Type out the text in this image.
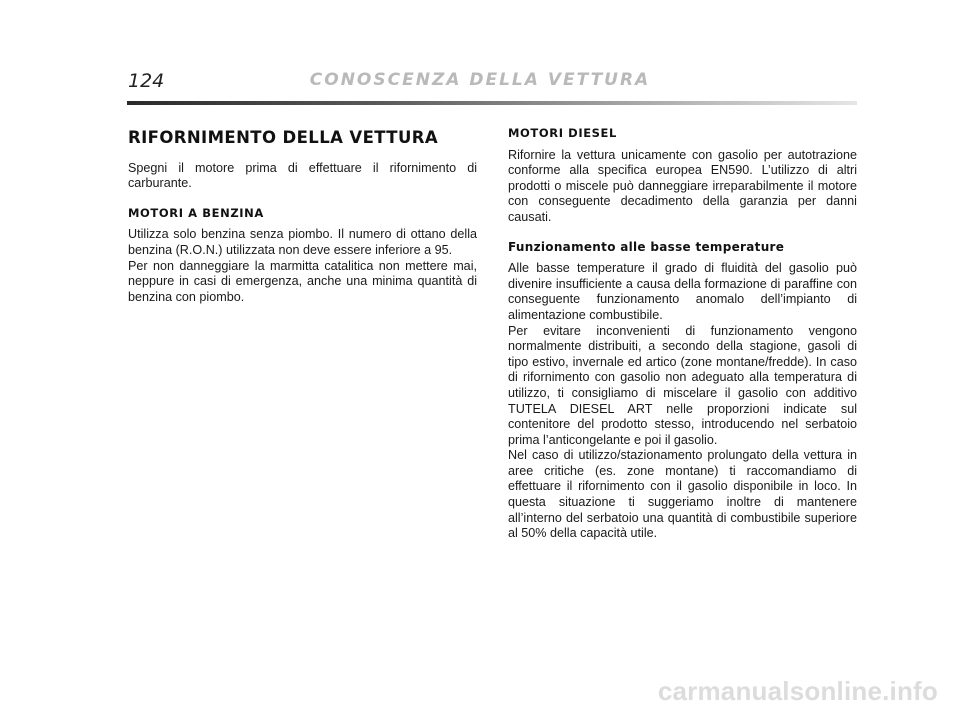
124	CONOSCENZA DELLA VETTURA
RIFORNIMENTO DELLA VETTURA

Spegni il motore prima di effettuare il rifornimento di carburante.

MOTORI A BENZINA

Utilizza solo benzina senza piombo. Il numero di ottano della benzina (R.O.N.) utilizzata non deve essere inferiore a 95.

Per non danneggiare la marmitta catalitica non mettere mai, neppure in casi di emergenza, anche una minima quantità di benzina con piombo.

MOTORI DIESEL

Rifornire la vettura unicamente con gasolio per autotrazione conforme alla specifica europea EN590. L’utilizzo di altri prodotti o miscele può danneggiare irreparabilmente il motore con conseguente decadimento della garanzia per danni causati.

Funzionamento alle basse temperature

Alle basse temperature il grado di fluidità del gasolio può divenire insufficiente a causa della formazione di paraffine con conseguente funzionamento anomalo dell’impianto di alimentazione combustibile.

Per evitare inconvenienti di funzionamento vengono normalmente distribuiti, a secondo della stagione, gasoli di tipo estivo, invernale ed artico (zone montane/fredde). In caso di rifornimento con gasolio non adeguato alla temperatura di utilizzo, ti consigliamo di miscelare il gasolio con additivo TUTELA DIESEL ART nelle proporzioni indicate sul contenitore del prodotto stesso, introducendo nel serbatoio prima l’anticongelante e poi il gasolio.

Nel caso di utilizzo/stazionamento prolungato della vettura in aree critiche (es. zone montane) ti raccomandiamo di effettuare il rifornimento con il gasolio disponibile in loco. In questa situazione ti suggeriamo inoltre di mantenere all’interno del serbatoio una quantità di combustibile superiore al 50% della capacità utile.

carmanualsonline.info
